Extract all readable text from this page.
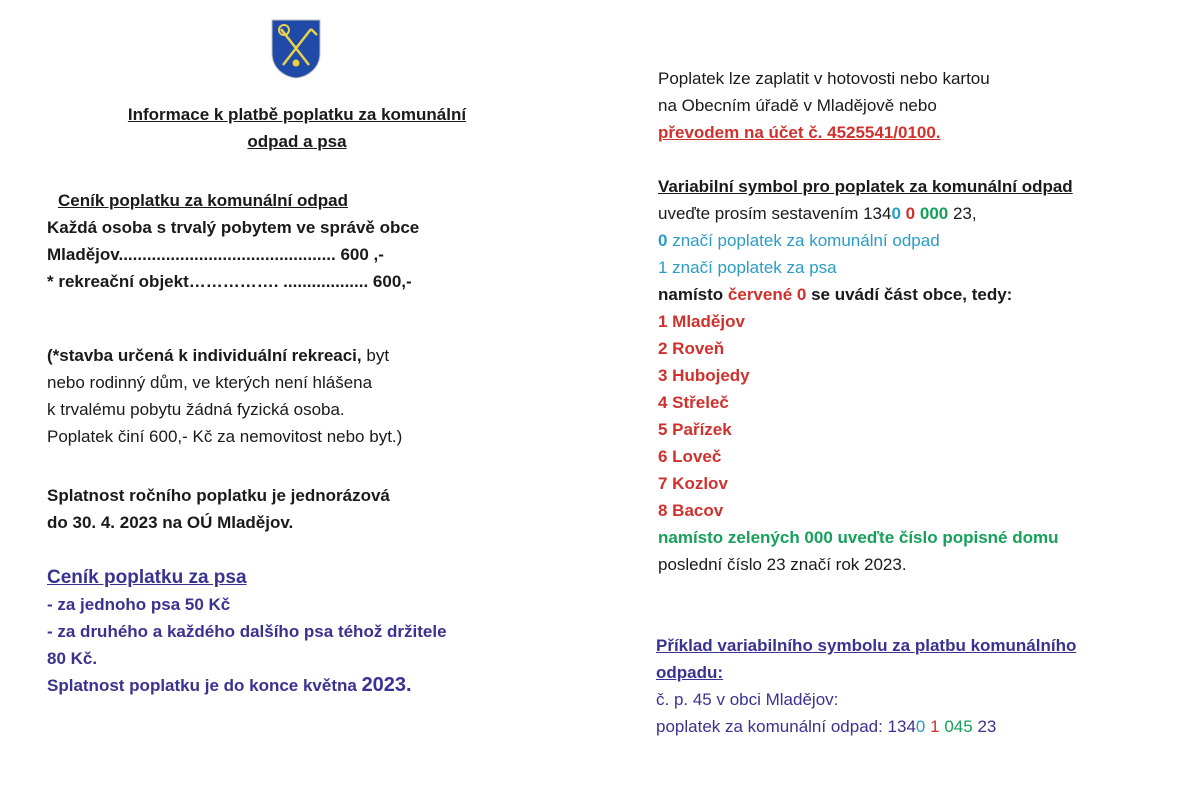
Informace k platbě poplatku za komunální
odpad a psa
Ceník poplatku za komunální odpad
Každá osoba s trvalý pobytem ve správě obce
Mladějov.............................................. 600 ,-
* rekreační objekt……………. .................. 600,-
(*stavba určená k individuální rekreaci, byt
nebo rodinný dům, ve kterých není hlášena
k trvalému pobytu žádná fyzická osoba.
Poplatek činí 600,- Kč za nemovitost nebo byt.)
Splatnost ročního poplatku je jednorázová
do 30. 4. 2023 na OÚ Mladějov.
Ceník poplatku za psa
- za jednoho psa 50 Kč
- za druhého a každého dalšího psa téhož držitele
80 Kč.
Splatnost poplatku je do konce května 2023.
Poplatek lze zaplatit v hotovosti nebo kartou
na Obecním úřadě v Mladějově nebo
převodem na účet č. 4525541/0100.
Variabilní symbol pro poplatek za komunální odpad
uveďte prosím sestavením 1340 0 000 23,
0 značí poplatek za komunální odpad
1 značí poplatek za psa
namísto červené 0 se uvádí část obce, tedy:
1 Mladějov
2 Roveň
3 Hubojedy
4 Střeleč
5 Pařízek
6 Loveč
7 Kozlov
8 Bacov
namísto zelených 000 uveďte číslo popisné domu
poslední číslo 23 značí rok 2023.
Příklad variabilního symbolu za platbu komunálního
odpadu:
č. p. 45 v obci Mladějov:
poplatek za komunální odpad: 1340 1 045 23
